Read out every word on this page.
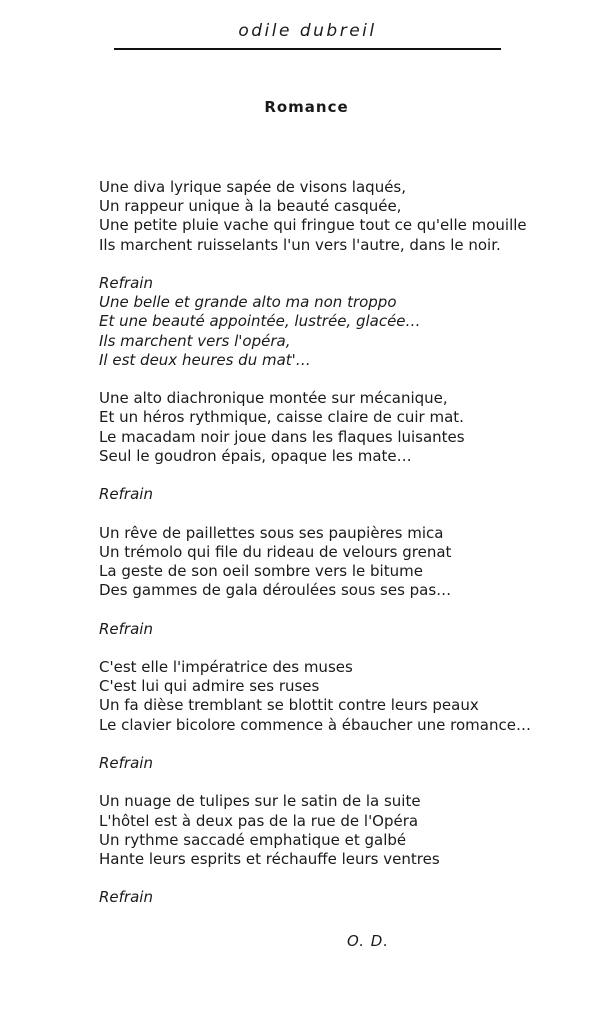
odile dubreil
Romance
Une diva lyrique sapée de visons laqués,
Un rappeur unique à la beauté casquée,
Une petite pluie vache qui fringue tout ce qu'elle mouille
Ils marchent ruisselants l'un vers l'autre, dans le noir.
Refrain
Une belle et grande alto ma non troppo
Et une beauté appointée, lustrée, glacée…
Ils marchent vers l'opéra,
Il est deux heures du mat'…
Une alto diachronique montée sur mécanique,
Et un héros rythmique, caisse claire de cuir mat.
Le macadam noir joue dans les flaques luisantes
Seul le goudron épais, opaque les mate…
Refrain
Un rêve de paillettes sous ses paupières mica
Un trémolo qui file du rideau de velours grenat
La geste de son oeil sombre vers le bitume
Des gammes de gala déroulées sous ses pas…
Refrain
C'est elle l'impératrice des muses
C'est lui qui admire ses ruses
Un fa dièse tremblant se blottit contre leurs peaux
Le clavier bicolore commence à ébaucher une romance…
Refrain
Un nuage de tulipes sur le satin de la suite
L'hôtel est à deux pas de la rue de l'Opéra
Un rythme saccadé emphatique et galbé
Hante leurs esprits et réchauffe leurs ventres
Refrain
O. D.
